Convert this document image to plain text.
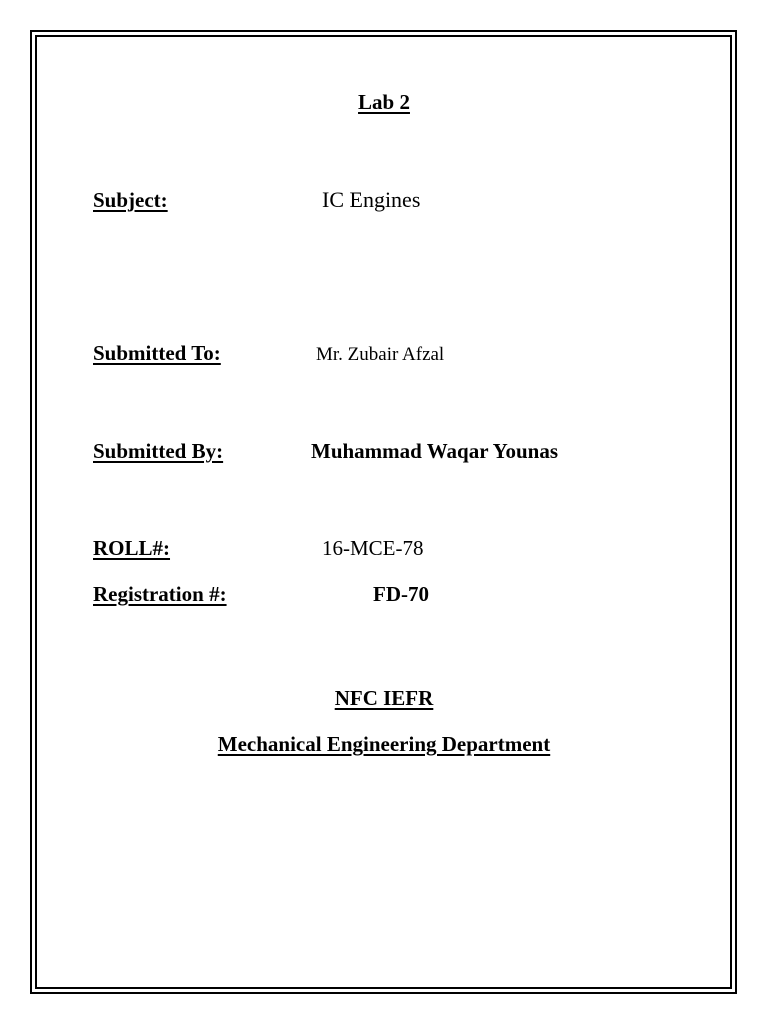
Lab 2
Subject:	IC Engines
Submitted To:	Mr. Zubair Afzal
Submitted By:	Muhammad Waqar Younas
ROLL#:	16-MCE-78
Registration #:	FD-70
NFC IEFR
Mechanical Engineering Department
